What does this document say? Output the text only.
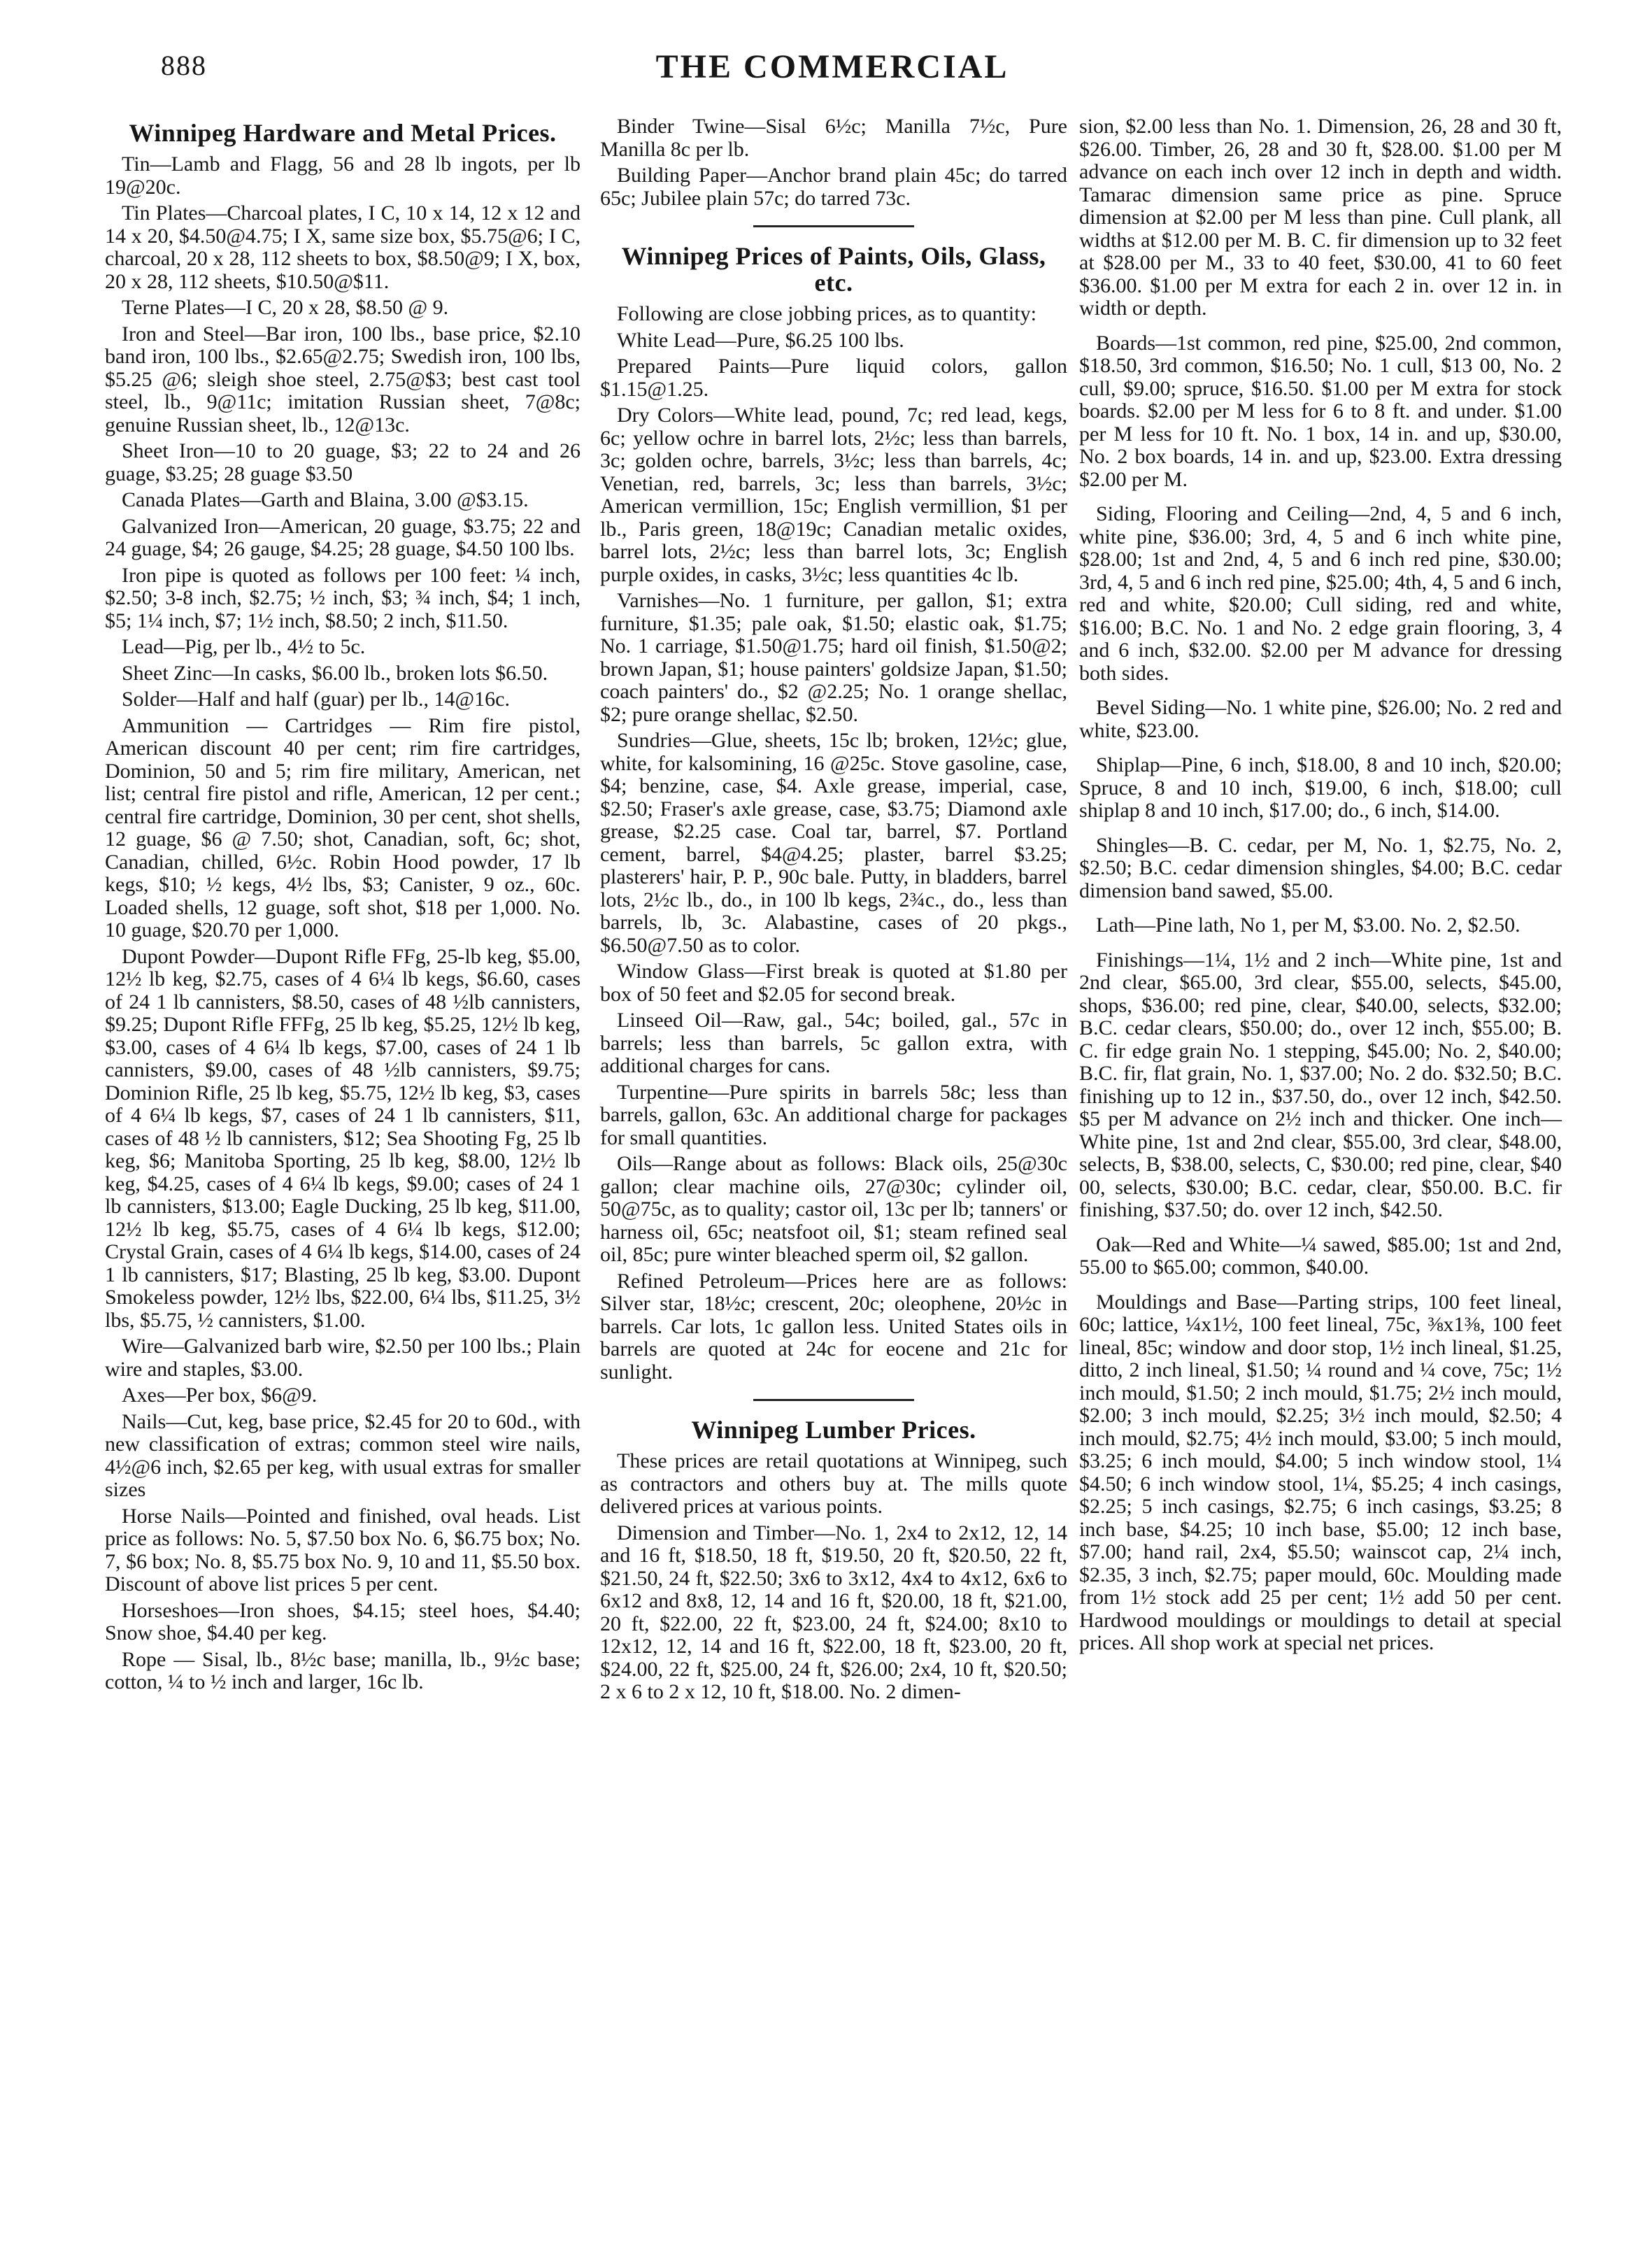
888	THE COMMERCIAL
Winnipeg Hardware and Metal Prices.

Tin—Lamb and Flagg, 56 and 28 lb ingots, per lb 19@20c.

Tin Plates—Charcoal plates, I C, 10 x 14, 12 x 12 and 14 x 20, $4.50@4.75; I X, same size box, $5.75@6; I C, charcoal, 20 x 28, 112 sheets to box, $8.50@9; I X, box, 20 x 28, 112 sheets, $10.50@$11.

Terne Plates—I C, 20 x 28, $8.50 @ 9.

Iron and Steel—Bar iron, 100 lbs., base price, $2.10 band iron, 100 lbs., $2.65@2.75; Swedish iron, 100 lbs, $5.25 @6; sleigh shoe steel, 2.75@$3; best cast tool steel, lb., 9@11c; imitation Russian sheet, 7@8c; genuine Russian sheet, lb., 12@13c.

Sheet Iron—10 to 20 guage, $3; 22 to 24 and 26 guage, $3.25; 28 guage $3.50

Canada Plates—Garth and Blaina, 3.00 @$3.15.

Galvanized Iron—American, 20 guage, $3.75; 22 and 24 guage, $4; 26 gauge, $4.25; 28 guage, $4.50 100 lbs.

Iron pipe is quoted as follows per 100 feet: ¼ inch, $2.50; 3-8 inch, $2.75; ½ inch, $3; ¾ inch, $4; 1 inch, $5; 1¼ inch, $7; 1½ inch, $8.50; 2 inch, $11.50.

Lead—Pig, per lb., 4½ to 5c.

Sheet Zinc—In casks, $6.00 lb., broken lots $6.50.

Solder—Half and half (guar) per lb., 14@16c.

Ammunition — Cartridges — Rim fire pistol, American discount 40 per cent; rim fire cartridges, Dominion, 50 and 5; rim fire military, American, net list; central fire pistol and rifle, American, 12 per cent.; central fire cartridge, Dominion, 30 per cent, shot shells, 12 guage, $6 @ 7.50; shot, Canadian, soft, 6c; shot, Canadian, chilled, 6½c. Robin Hood powder, 17 lb kegs, $10; ½ kegs, 4½ lbs, $3; Canister, 9 oz., 60c. Loaded shells, 12 guage, soft shot, $18 per 1,000. No. 10 guage, $20.70 per 1,000.

Dupont Powder—Dupont Rifle FFg, 25-lb keg, $5.00, 12½ lb keg, $2.75, cases of 4 6¼ lb kegs, $6.60, cases of 24 1 lb cannisters, $8.50, cases of 48 ½lb cannisters, $9.25; Dupont Rifle FFFg, 25 lb keg, $5.25, 12½ lb keg, $3.00, cases of 4 6¼ lb kegs, $7.00, cases of 24 1 lb cannisters, $9.00, cases of 48 ½lb cannisters, $9.75; Dominion Rifle, 25 lb keg, $5.75, 12½ lb keg, $3, cases of 4 6¼ lb kegs, $7, cases of 24 1 lb cannisters, $11, cases of 48 ½ lb cannisters, $12; Sea Shooting Fg, 25 lb keg, $6; Manitoba Sporting, 25 lb keg, $8.00, 12½ lb keg, $4.25, cases of 4 6¼ lb kegs, $9.00; cases of 24 1 lb cannisters, $13.00; Eagle Ducking, 25 lb keg, $11.00, 12½ lb keg, $5.75, cases of 4 6¼ lb kegs, $12.00; Crystal Grain, cases of 4 6¼ lb kegs, $14.00, cases of 24 1 lb cannisters, $17; Blasting, 25 lb keg, $3.00. Dupont Smokeless powder, 12½ lbs, $22.00, 6¼ lbs, $11.25, 3½ lbs, $5.75, ½ cannisters, $1.00.

Wire—Galvanized barb wire, $2.50 per 100 lbs.; Plain wire and staples, $3.00.

Axes—Per box, $6@9.

Nails—Cut, keg, base price, $2.45 for 20 to 60d., with new classification of extras; common steel wire nails, 4½@6 inch, $2.65 per keg, with usual extras for smaller sizes

Horse Nails—Pointed and finished, oval heads. List price as follows: No. 5, $7.50 box No. 6, $6.75 box; No. 7, $6 box; No. 8, $5.75 box No. 9, 10 and 11, $5.50 box. Discount of above list prices 5 per cent.

Horseshoes—Iron shoes, $4.15; steel hoes, $4.40; Snow shoe, $4.40 per keg.

Rope — Sisal, lb., 8½c base; manilla, lb., 9½c base; cotton, ¼ to ½ inch and larger, 16c lb.

Binder Twine—Sisal 6½c; Manilla 7½c, Pure Manilla 8c per lb.

Building Paper—Anchor brand plain 45c; do tarred 65c; Jubilee plain 57c; do tarred 73c.

Winnipeg Prices of Paints, Oils, Glass, etc.

Following are close jobbing prices, as to quantity:

White Lead—Pure, $6.25 100 lbs.

Prepared Paints—Pure liquid colors, gallon $1.15@1.25.

Dry Colors—White lead, pound, 7c; red lead, kegs, 6c; yellow ochre in barrel lots, 2½c; less than barrels, 3c; golden ochre, barrels, 3½c; less than barrels, 4c; Venetian, red, barrels, 3c; less than barrels, 3½c; American vermillion, 15c; English vermillion, $1 per lb., Paris green, 18@19c; Canadian metalic oxides, barrel lots, 2½c; less than barrel lots, 3c; English purple oxides, in casks, 3½c; less quantities 4c lb.

Varnishes—No. 1 furniture, per gallon, $1; extra furniture, $1.35; pale oak, $1.50; elastic oak, $1.75; No. 1 carriage, $1.50@1.75; hard oil finish, $1.50@2; brown Japan, $1; house painters' goldsize Japan, $1.50; coach painters' do., $2 @2.25; No. 1 orange shellac, $2; pure orange shellac, $2.50.

Sundries—Glue, sheets, 15c lb; broken, 12½c; glue, white, for kalsomining, 16 @25c. Stove gasoline, case, $4; benzine, case, $4. Axle grease, imperial, case, $2.50; Fraser's axle grease, case, $3.75; Diamond axle grease, $2.25 case. Coal tar, barrel, $7. Portland cement, barrel, $4@4.25; plaster, barrel $3.25; plasterers' hair, P. P., 90c bale. Putty, in bladders, barrel lots, 2½c lb., do., in 100 lb kegs, 2¾c., do., less than barrels, lb, 3c. Alabastine, cases of 20 pkgs., $6.50@7.50 as to color.

Window Glass—First break is quoted at $1.80 per box of 50 feet and $2.05 for second break.

Linseed Oil—Raw, gal., 54c; boiled, gal., 57c in barrels; less than barrels, 5c gallon extra, with additional charges for cans.

Turpentine—Pure spirits in barrels 58c; less than barrels, gallon, 63c. An additional charge for packages for small quantities.

Oils—Range about as follows: Black oils, 25@30c gallon; clear machine oils, 27@30c; cylinder oil, 50@75c, as to quality; castor oil, 13c per lb; tanners' or harness oil, 65c; neatsfoot oil, $1; steam refined seal oil, 85c; pure winter bleached sperm oil, $2 gallon.

Refined Petroleum—Prices here are as follows: Silver star, 18½c; crescent, 20c; oleophene, 20½c in barrels. Car lots, 1c gallon less. United States oils in barrels are quoted at 24c for eocene and 21c for sunlight.

Winnipeg Lumber Prices.

These prices are retail quotations at Winnipeg, such as contractors and others buy at. The mills quote delivered prices at various points.

Dimension and Timber—No. 1, 2x4 to 2x12, 12, 14 and 16 ft, $18.50, 18 ft, $19.50, 20 ft, $20.50, 22 ft, $21.50, 24 ft, $22.50; 3x6 to 3x12, 4x4 to 4x12, 6x6 to 6x12 and 8x8, 12, 14 and 16 ft, $20.00, 18 ft, $21.00, 20 ft, $22.00, 22 ft, $23.00, 24 ft, $24.00; 8x10 to 12x12, 12, 14 and 16 ft, $22.00, 18 ft, $23.00, 20 ft, $24.00, 22 ft, $25.00, 24 ft, $26.00; 2x4, 10 ft, $20.50; 2 x 6 to 2 x 12, 10 ft, $18.00. No. 2 dimen-

sion, $2.00 less than No. 1. Dimension, 26, 28 and 30 ft, $26.00. Timber, 26, 28 and 30 ft, $28.00. $1.00 per M advance on each inch over 12 inch in depth and width. Tamarac dimension same price as pine. Spruce dimension at $2.00 per M less than pine. Cull plank, all widths at $12.00 per M. B. C. fir dimension up to 32 feet at $28.00 per M., 33 to 40 feet, $30.00, 41 to 60 feet $36.00. $1.00 per M extra for each 2 in. over 12 in. in width or depth.

Boards—1st common, red pine, $25.00, 2nd common, $18.50, 3rd common, $16.50; No. 1 cull, $13 00, No. 2 cull, $9.00; spruce, $16.50. $1.00 per M extra for stock boards. $2.00 per M less for 6 to 8 ft. and under. $1.00 per M less for 10 ft. No. 1 box, 14 in. and up, $30.00, No. 2 box boards, 14 in. and up, $23.00. Extra dressing $2.00 per M.

Siding, Flooring and Ceiling—2nd, 4, 5 and 6 inch, white pine, $36.00; 3rd, 4, 5 and 6 inch white pine, $28.00; 1st and 2nd, 4, 5 and 6 inch red pine, $30.00; 3rd, 4, 5 and 6 inch red pine, $25.00; 4th, 4, 5 and 6 inch, red and white, $20.00; Cull siding, red and white, $16.00; B.C. No. 1 and No. 2 edge grain flooring, 3, 4 and 6 inch, $32.00. $2.00 per M advance for dressing both sides.

Bevel Siding—No. 1 white pine, $26.00; No. 2 red and white, $23.00.

Shiplap—Pine, 6 inch, $18.00, 8 and 10 inch, $20.00; Spruce, 8 and 10 inch, $19.00, 6 inch, $18.00; cull shiplap 8 and 10 inch, $17.00; do., 6 inch, $14.00.

Shingles—B. C. cedar, per M, No. 1, $2.75, No. 2, $2.50; B.C. cedar dimension shingles, $4.00; B.C. cedar dimension band sawed, $5.00.

Lath—Pine lath, No 1, per M, $3.00. No. 2, $2.50.

Finishings—1¼, 1½ and 2 inch—White pine, 1st and 2nd clear, $65.00, 3rd clear, $55.00, selects, $45.00, shops, $36.00; red pine, clear, $40.00, selects, $32.00; B.C. cedar clears, $50.00; do., over 12 inch, $55.00; B. C. fir edge grain No. 1 stepping, $45.00; No. 2, $40.00; B.C. fir, flat grain, No. 1, $37.00; No. 2 do. $32.50; B.C. finishing up to 12 in., $37.50, do., over 12 inch, $42.50. $5 per M advance on 2½ inch and thicker. One inch—White pine, 1st and 2nd clear, $55.00, 3rd clear, $48.00, selects, B, $38.00, selects, C, $30.00; red pine, clear, $40 00, selects, $30.00; B.C. cedar, clear, $50.00. B.C. fir finishing, $37.50; do. over 12 inch, $42.50.

Oak—Red and White—¼ sawed, $85.00; 1st and 2nd, 55.00 to $65.00; common, $40.00.

Mouldings and Base—Parting strips, 100 feet lineal, 60c; lattice, ¼x1½, 100 feet lineal, 75c, ⅜x1⅜, 100 feet lineal, 85c; window and door stop, 1½ inch lineal, $1.25, ditto, 2 inch lineal, $1.50; ¼ round and ¼ cove, 75c; 1½ inch mould, $1.50; 2 inch mould, $1.75; 2½ inch mould, $2.00; 3 inch mould, $2.25; 3½ inch mould, $2.50; 4 inch mould, $2.75; 4½ inch mould, $3.00; 5 inch mould, $3.25; 6 inch mould, $4.00; 5 inch window stool, 1¼ $4.50; 6 inch window stool, 1¼, $5.25; 4 inch casings, $2.25; 5 inch casings, $2.75; 6 inch casings, $3.25; 8 inch base, $4.25; 10 inch base, $5.00; 12 inch base, $7.00; hand rail, 2x4, $5.50; wainscot cap, 2¼ inch, $2.35, 3 inch, $2.75; paper mould, 60c. Moulding made from 1½ stock add 25 per cent; 1½ add 50 per cent. Hardwood mouldings or mouldings to detail at special prices. All shop work at special net prices.
